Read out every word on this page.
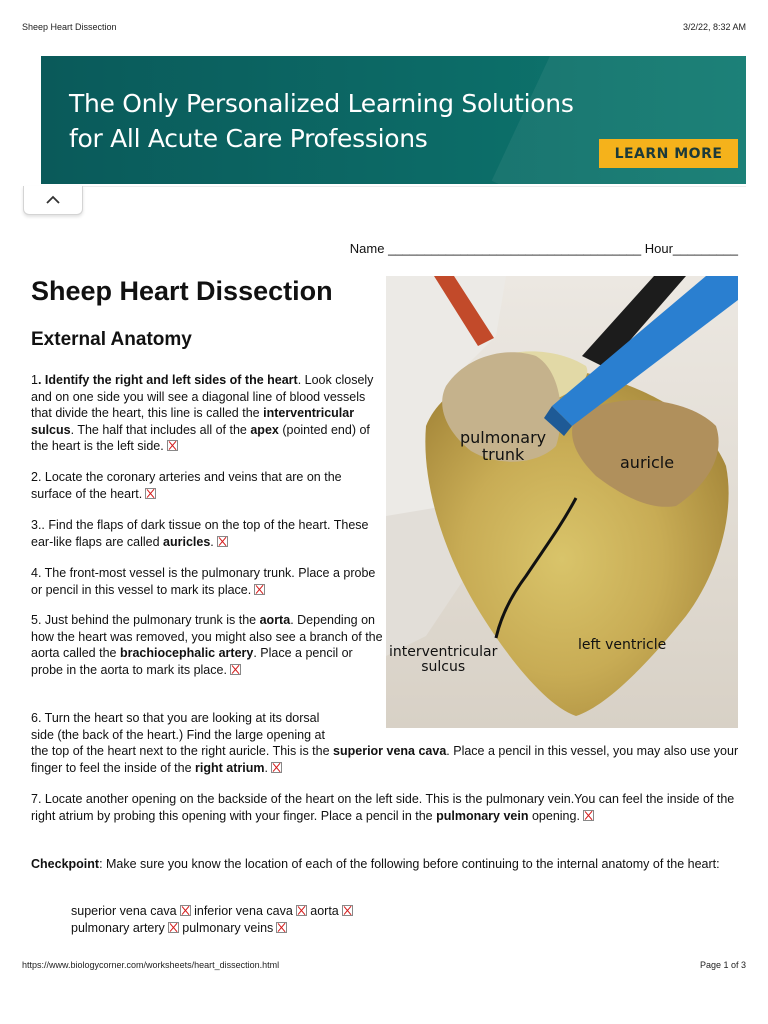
Sheep Heart Dissection	3/2/22, 8:32 AM
The Only Personalized Learning Solutions
for All Acute Care Professions
LEARN MORE
Name ___________________________________ Hour_________
Sheep Heart Dissection
External Anatomy
pulmonary
trunk	auricle
interventricular
sulcus
left ventricle
1. Identify the right and left sides of the heart. Look closely and on one side you will see a diagonal line of blood vessels that divide the heart, this line is called the interventricular sulcus. The half that includes all of the apex (pointed end) of the heart is the left side.
2. Locate the coronary arteries and veins that are on the surface of the heart.
3.. Find the flaps of dark tissue on the top of the heart. These ear-like flaps are called auricles.
4. The front-most vessel is the pulmonary trunk. Place a probe or pencil in this vessel to mark its place.
5. Just behind the pulmonary trunk is the aorta. Depending on how the heart was removed, you might also see a branch of the aorta called the brachiocephalic artery. Place a pencil or probe in the aorta to mark its place.
6. Turn the heart so that you are looking at its dorsal
side (the back of the heart.) Find the large opening at
the top of the heart next to the right auricle. This is the superior vena cava. Place a pencil in this vessel, you may also use your finger to feel the inside of the right atrium.
7. Locate another opening on the backside of the heart on the left side. This is the pulmonary vein.You can feel the inside of the right atrium by probing this opening with your finger. Place a pencil in the pulmonary vein opening.
Checkpoint: Make sure you know the location of each of the following before continuing to the internal anatomy of the heart:
superior vena cava inferior vena cava aorta
pulmonary artery pulmonary veins
https://www.biologycorner.com/worksheets/heart_dissection.html	Page 1 of 3
